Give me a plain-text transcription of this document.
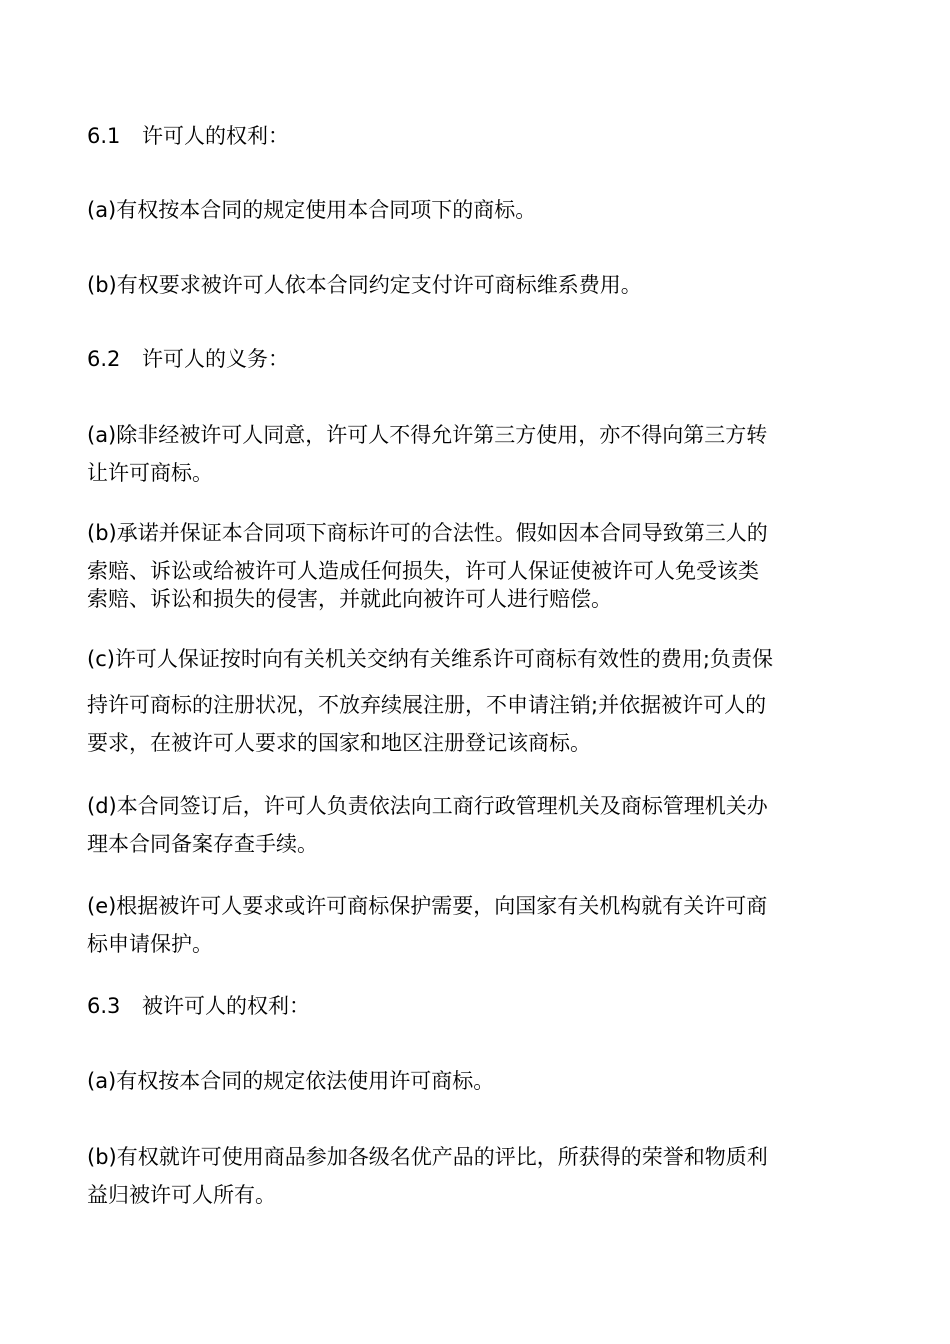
6.1 许可人的权利：

(a)有权按本合同的规定使用本合同项下的商标。

(b)有权要求被许可人依本合同约定支付许可商标维系费用。

6.2 许可人的义务：

(a)除非经被许可人同意，许可人不得允许第三方使用，亦不得向第三方转
让许可商标。

(b)承诺并保证本合同项下商标许可的合法性。假如因本合同导致第三人的
索赔、诉讼或给被许可人造成任何损失，许可人保证使被许可人免受该类
索赔、诉讼和损失的侵害，并就此向被许可人进行赔偿。

(c)许可人保证按时向有关机关交纳有关维系许可商标有效性的费用;负责保
持许可商标的注册状况，不放弃续展注册，不申请注销;并依据被许可人的
要求，在被许可人要求的国家和地区注册登记该商标。

(d)本合同签订后，许可人负责依法向工商行政管理机关及商标管理机关办
理本合同备案存查手续。

(e)根据被许可人要求或许可商标保护需要，向国家有关机构就有关许可商
标申请保护。

6.3 被许可人的权利：

(a)有权按本合同的规定依法使用许可商标。

(b)有权就许可使用商品参加各级名优产品的评比，所获得的荣誉和物质利
益归被许可人所有。
